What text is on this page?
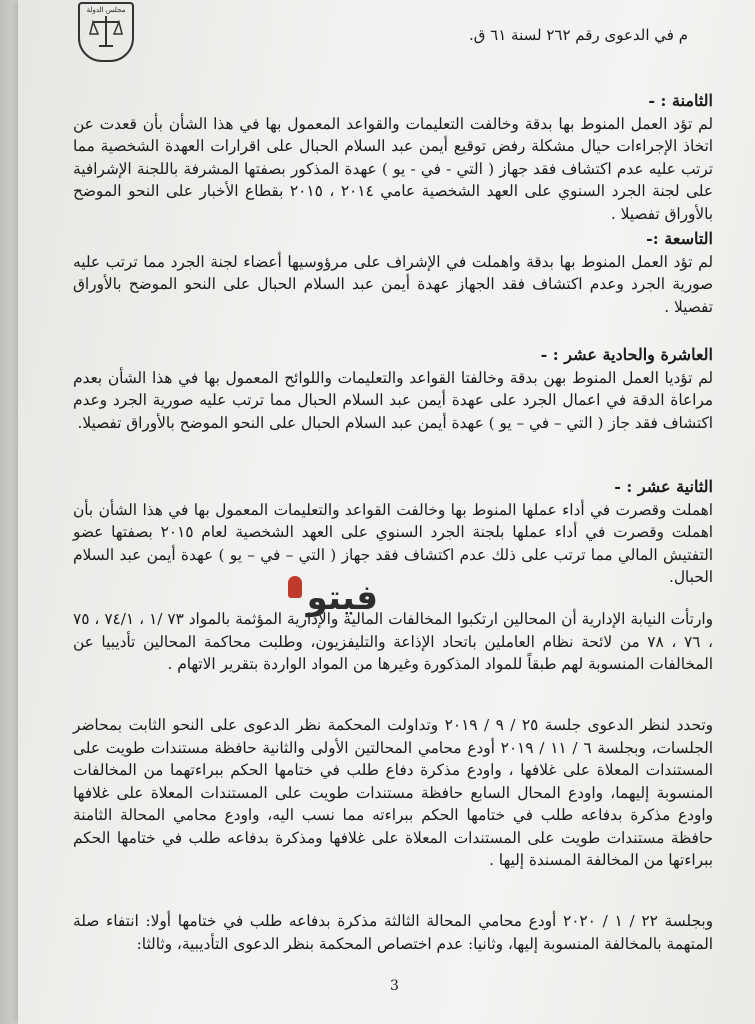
مجلس الدولة
م في الدعوى رقم ٢٦٢ لسنة ٦١ ق.

الثامنة : -

لم تؤد العمل المنوط بها بدقة وخالفت التعليمات والقواعد المعمول بها في هذا الشأن بأن قعدت عن اتخاذ الإجراءات حيال مشكلة رفض توقيع أيمن عبد السلام الحبال على اقرارات العهدة الشخصية مما ترتب عليه عدم اكتشاف فقد جهاز ( التي - في - يو ) عهدة المذكور بصفتها المشرفة باللجنة الإشرافية على لجنة الجرد السنوي على العهد الشخصية عامي ٢٠١٤ ، ٢٠١٥ بقطاع الأخبار على النحو الموضح بالأوراق تفصيلا .

التاسعة :-

لم تؤد العمل المنوط بها بدقة واهملت في الإشراف على مرؤوسيها أعضاء لجنة الجرد مما ترتب عليه صورية الجرد وعدم اكتشاف فقد الجهاز عهدة أيمن عبد السلام الحبال على النحو الموضح بالأوراق تفصيلا .

العاشرة والحادية عشر : -

لم تؤديا العمل المنوط بهن بدقة وخالفتا القواعد والتعليمات واللوائح المعمول بها في هذا الشأن بعدم مراعاة الدقة في اعمال الجرد على عهدة أيمن عبد السلام الحبال مما ترتب عليه صورية الجرد وعدم اكتشاف فقد جاز ( التي – في – يو ) عهدة أيمن عبد السلام الحبال على النحو الموضح بالأوراق تفصيلا.

الثانية عشر : -

اهملت وقصرت في أداء عملها المنوط بها وخالفت القواعد والتعليمات المعمول بها في هذا الشأن بأن اهملت وقصرت في أداء عملها بلجنة الجرد السنوي على العهد الشخصية لعام ٢٠١٥ بصفتها عضو التفتيش المالي مما ترتب على ذلك عدم اكتشاف فقد جهاز ( التي – في – يو ) عهدة أيمن عبد السلام الحبال.

وارتأت النيابة الإدارية أن المحالين ارتكبوا المخالفات المالية والإدارية المؤثمة بالمواد ٧٣ /١ ، ٧٤/١ ، ٧٥ ، ٧٦ ، ٧٨ من لائحة نظام العاملين باتحاد الإذاعة والتليفزيون، وطلبت محاكمة المحالين تأديبيا عن المخالفات المنسوبة لهم طبقاً للمواد المذكورة وغيرها من المواد الواردة بتقرير الاتهام .

وتحدد لنظر الدعوى جلسة ٢٥ / ٩ / ٢٠١٩ وتداولت المحكمة نظر الدعوى على النحو الثابت بمحاضر الجلسات، وبجلسة ٦ / ١١ / ٢٠١٩ أودع محامي المحالتين الأولى والثانية حافظة مستندات طويت على المستندات المعلاة على غلافها ، واودع مذكرة دفاع طلب في ختامها الحكم ببراءتهما من المخالفات المنسوبة إليهما، واودع المحال السابع حافظة مستندات طويت على المستندات المعلاة على غلافها واودع مذكرة بدفاعه طلب في ختامها الحكم ببراءته مما نسب اليه، واودع محامي المحالة الثامنة حافظة مستندات طويت على المستندات المعلاة على غلافها ومذكرة بدفاعه طلب في ختامها الحكم ببراءتها من المخالفة المسندة إليها .

وبجلسة ٢٢ / ١ / ٢٠٢٠ أودع محامي المحالة الثالثة مذكرة بدفاعه طلب في ختامها أولا: انتفاء صلة المتهمة بالمخالفة المنسوبة إليها، وثانيا: عدم اختصاص المحكمة بنظر الدعوى التأديبية، وثالثا:

فيتو
3
